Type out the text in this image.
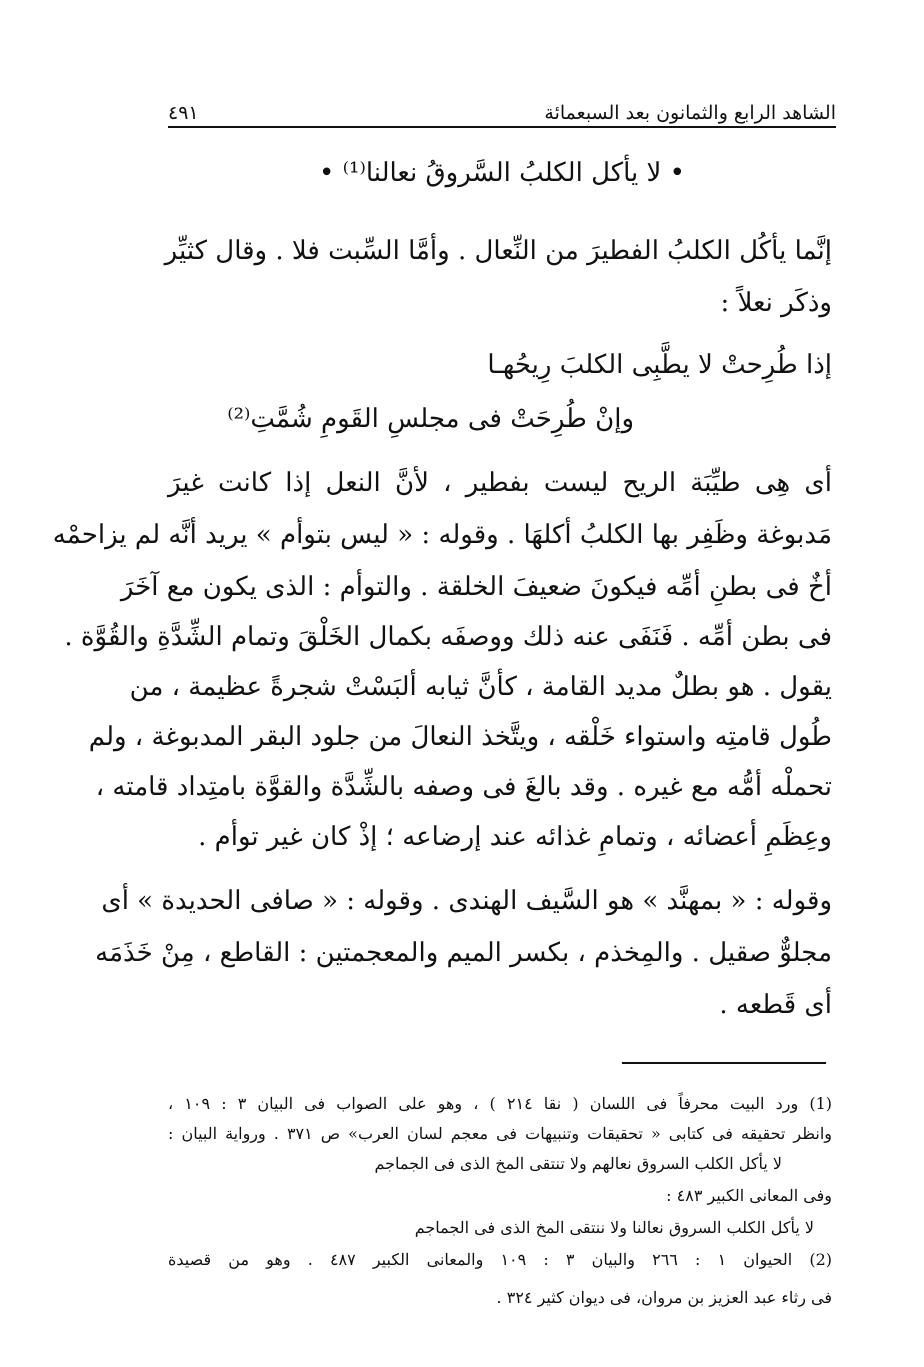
الشاهد الرابع والثمانون بعد السبعمائة
٤٩١
• لا يأكل الكلبُ السَّروقُ نعالنا⁽¹⁾ •
إنَّما يأكُل الكلبُ الفطيرَ من النِّعال . وأمَّا السِّبت فلا . وقال كثيِّر
وذكَر نعلاً :
إذا طُرِحتْ لا يطَّبِى الكلبَ رِيحُهـا
وإنْ طُرِحَتْ فى مجلسِ القَومِ شُمَّتِ⁽²⁾
أى هِى طيِّبَة الريح ليست بفطير ، لأنَّ النعل إذا كانت غيرَ
مَدبوغة وظَفِر بها الكلبُ أكلهَا . وقوله : « ليس بتوأم » يريد أنَّه لم يزاحمْه
أخٌ فى بطنِ أمِّه فيكونَ ضعيفَ الخلقة . والتوأم : الذى يكون مع آخَرَ
فى بطن أمِّه . فَنَفَى عنه ذلك ووصفَه بكمال الخَلْقَ وتمام الشِّدَّةِ والقُوَّة .
يقول . هو بطلٌ مديد القامة ، كأنَّ ثيابه ألبَسْتْ شجرةً عظيمة ، من
طُول قامتِه واستواء خَلْقه ، ويتَّخذ النعالَ من جلود البقر المدبوغة ، ولم
تحملْه أمُّه مع غيره . وقد بالغَ فى وصفه بالشِّدَّة والقوَّة بامتِداد قامته ،
وعِظَمِ أعضائه ، وتمامِ غذائه عند إرضاعه ؛ إذْ كان غير توأم .
وقوله : « بمهنَّد » هو السَّيف الهندى . وقوله : « صافى الحديدة » أى
مجلوٌّ صقيل . والمِخذم ، بكسر الميم والمعجمتين : القاطع ، مِنْ خَذَمَه
أى قَطعه .
(1) ورد البيت محرفاً فى اللسان ( نقا ٢١٤ ) ، وهو على الصواب فى البيان ٣ : ١٠٩ ،
وانظر تحقيقه فى كتابى « تحقيقات وتنبيهات فى معجم لسان العرب» ص ٣٧١ . ورواية البيان :
لا يأكل الكلب السروق نعالهم ولا تنتقى المخ الذى فى الجماجم
وفى المعانى الكبير ٤٨٣ :
لا يأكل الكلب السروق نعالنا ولا ننتقى المخ الذى فى الجماجم
(2) الحيوان ١ : ٢٦٦ والبيان ٣ : ١٠٩ والمعانى الكبير ٤٨٧ . وهو من قصيدة
فى رثاء عبد العزيز بن مروان، فى ديوان كثير ٣٢٤ .
